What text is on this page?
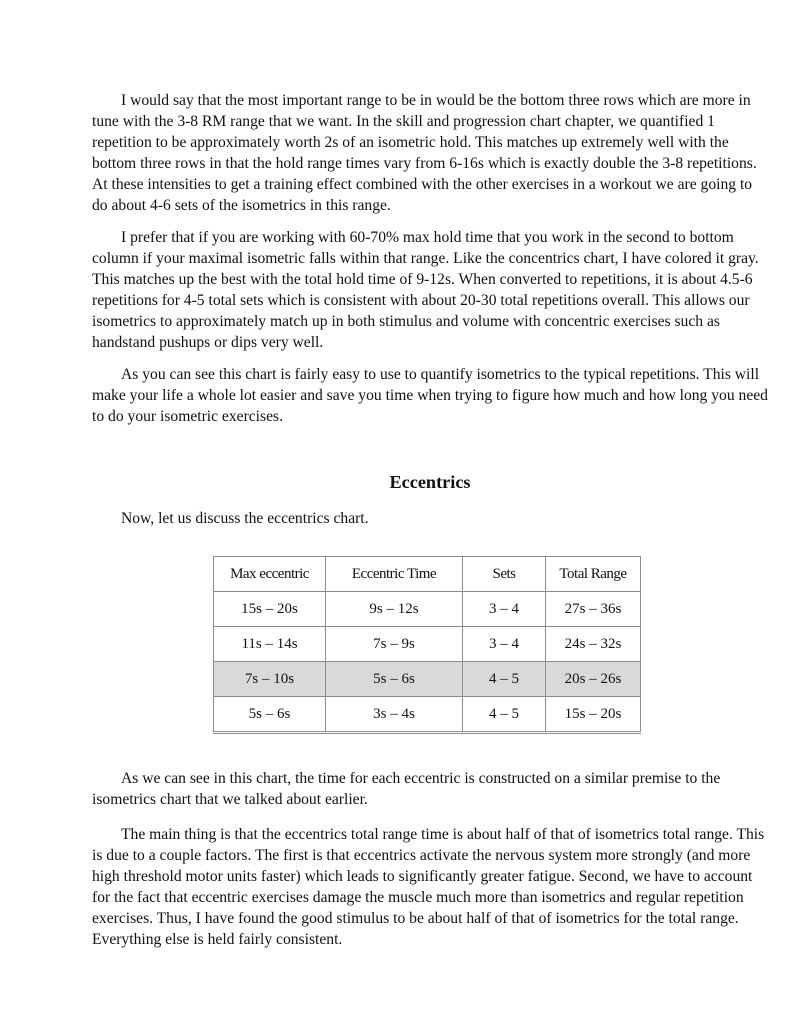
I would say that the most important range to be in would be the bottom three rows which are more in tune with the 3-8 RM range that we want. In the skill and progression chart chapter, we quantified 1 repetition to be approximately worth 2s of an isometric hold. This matches up extremely well with the bottom three rows in that the hold range times vary from 6-16s which is exactly double the 3-8 repetitions. At these intensities to get a training effect combined with the other exercises in a workout we are going to do about 4-6 sets of the isometrics in this range.

I prefer that if you are working with 60-70% max hold time that you work in the second to bottom column if your maximal isometric falls within that range. Like the concentrics chart, I have colored it gray. This matches up the best with the total hold time of 9-12s. When converted to repetitions, it is about 4.5-6 repetitions for 4-5 total sets which is consistent with about 20-30 total repetitions overall. This allows our isometrics to approximately match up in both stimulus and volume with concentric exercises such as handstand pushups or dips very well.

As you can see this chart is fairly easy to use to quantify isometrics to the typical repetitions. This will make your life a whole lot easier and save you time when trying to figure how much and how long you need to do your isometric exercises.

Eccentrics

Now, let us discuss the eccentrics chart.

Max eccentric	Eccentric Time	Sets	Total Range
15s – 20s	9s – 12s	3 – 4	27s – 36s
11s – 14s	7s – 9s	3 – 4	24s – 32s
7s – 10s	5s – 6s	4 – 5	20s – 26s
5s – 6s	3s – 4s	4 – 5	15s – 20s

As we can see in this chart, the time for each eccentric is constructed on a similar premise to the isometrics chart that we talked about earlier.

The main thing is that the eccentrics total range time is about half of that of isometrics total range. This is due to a couple factors. The first is that eccentrics activate the nervous system more strongly (and more high threshold motor units faster) which leads to significantly greater fatigue. Second, we have to account for the fact that eccentric exercises damage the muscle much more than isometrics and regular repetition exercises. Thus, I have found the good stimulus to be about half of that of isometrics for the total range. Everything else is held fairly consistent.
